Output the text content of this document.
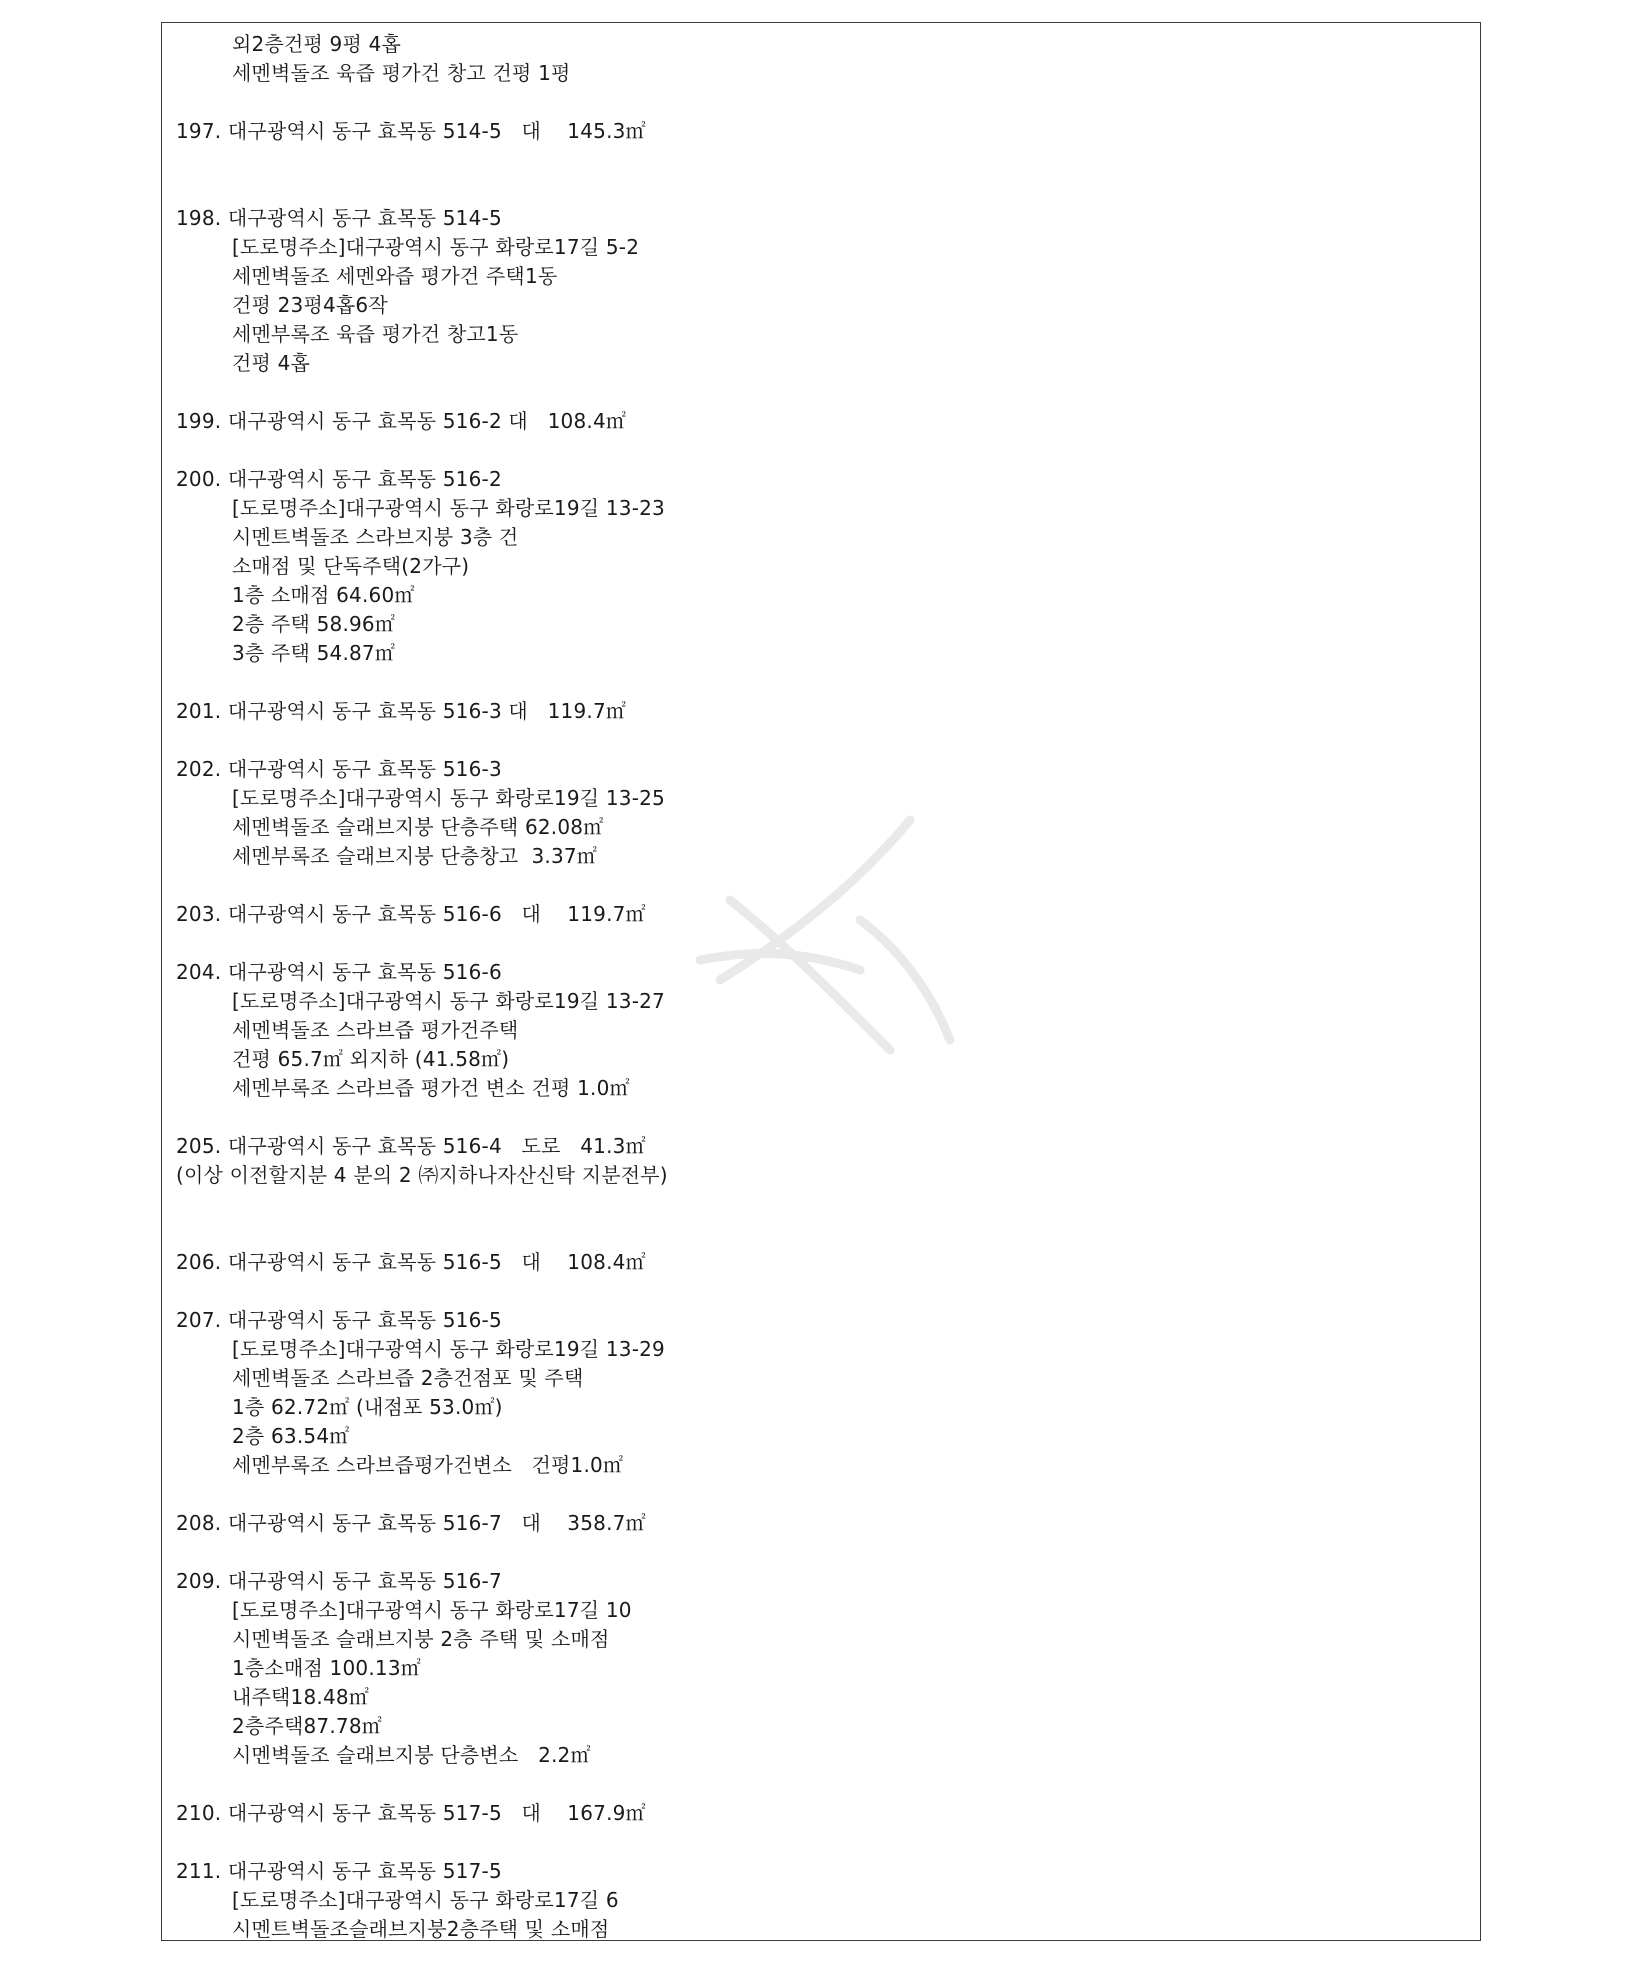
외2층건평 9평 4홉
세멘벽돌조 육즙 평가건 창고 건평 1평
197. 대구광역시 동구 효목동 514-5   대    145.3㎡
198. 대구광역시 동구 효목동 514-5
[도로명주소]대구광역시 동구 화랑로17길 5-2
세멘벽돌조 세멘와즙 평가건 주택1동
건평 23평4홉6작
세멘부록조 육즙 평가건 창고1동
건평 4홉
199. 대구광역시 동구 효목동 516-2 대   108.4㎡
200. 대구광역시 동구 효목동 516-2
[도로명주소]대구광역시 동구 화랑로19길 13-23
시멘트벽돌조 스라브지붕 3층 건
소매점 및 단독주택(2가구)
1층 소매점 64.60㎡
2층 주택 58.96㎡
3층 주택 54.87㎡
201. 대구광역시 동구 효목동 516-3 대   119.7㎡
202. 대구광역시 동구 효목동 516-3
[도로명주소]대구광역시 동구 화랑로19길 13-25
세멘벽돌조 슬래브지붕 단층주택 62.08㎡
세멘부록조 슬래브지붕 단층창고  3.37㎡
203. 대구광역시 동구 효목동 516-6   대    119.7㎡
204. 대구광역시 동구 효목동 516-6
[도로명주소]대구광역시 동구 화랑로19길 13-27
세멘벽돌조 스라브즙 평가건주택
건평 65.7㎡ 외지하 (41.58㎡)
세멘부록조 스라브즙 평가건 변소 건평 1.0㎡
205. 대구광역시 동구 효목동 516-4   도로   41.3㎡
(이상 이전할지분 4 분의 2 ㈜지하나자산신탁 지분전부)
206. 대구광역시 동구 효목동 516-5   대    108.4㎡
207. 대구광역시 동구 효목동 516-5
[도로명주소]대구광역시 동구 화랑로19길 13-29
세멘벽돌조 스라브즙 2층건점포 및 주택
1층 62.72㎡ (내점포 53.0㎡)
2층 63.54㎡
세멘부록조 스라브즙평가건변소   건평1.0㎡
208. 대구광역시 동구 효목동 516-7   대    358.7㎡
209. 대구광역시 동구 효목동 516-7
[도로명주소]대구광역시 동구 화랑로17길 10
시멘벽돌조 슬래브지붕 2층 주택 및 소매점
1층소매점 100.13㎡
내주택18.48㎡
2층주택87.78㎡
시멘벽돌조 슬래브지붕 단층변소   2.2㎡
210. 대구광역시 동구 효목동 517-5   대    167.9㎡
211. 대구광역시 동구 효목동 517-5
[도로명주소]대구광역시 동구 화랑로17길 6
시멘트벽돌조슬래브지붕2층주택 및 소매점
